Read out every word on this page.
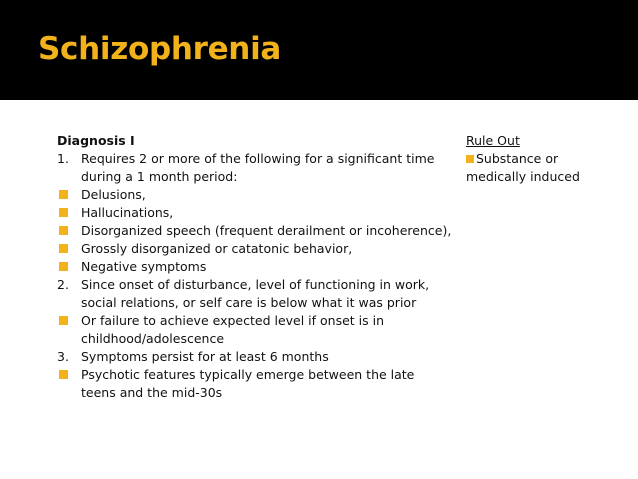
Schizophrenia
Diagnosis I
1. Requires 2 or more of the following for a significant time
during a 1 month period:
Delusions,
Hallucinations,
Disorganized speech (frequent derailment or incoherence),
Grossly disorganized or catatonic behavior,
Negative symptoms
2. Since onset of disturbance, level of functioning in work,
social relations, or self care is below what it was prior
Or failure to achieve expected level if onset is in
childhood/adolescence
3. Symptoms persist for at least 6 months
Psychotic features typically emerge between the late
teens and the mid-30s
Rule Out
Substance or
medically induced
